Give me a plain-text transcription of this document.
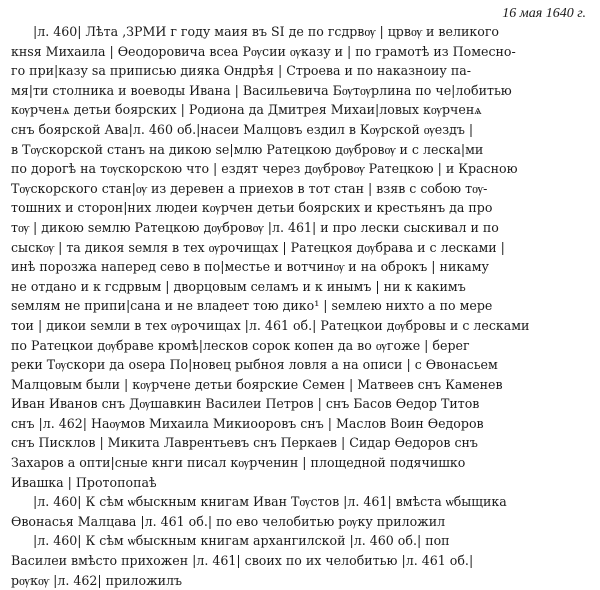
16 мая 1640 г.
|л. 460| Лѣта ‚ЗРМИ г году маия въ ЅІ де по гсдрвѹ | црвѹ и великого
кнѕя Михаила | Ѳеодоровича всеа Рѹсии ѹказу и | по грамотѣ из Помесно-
го при|казу ѕа приписью дияка Ондрѣя | Строева и по наказноиу па-
мя|ти столника и воеводы Ивана | Васильевича Бѹтѹрлина по че|лобитью
кѹрченѧ детьи боярских | Родиона да Дмитрея Михаи|ловых кѹрченѧ
снъ боярской Ава|л. 460 об.|насеи Малцовъ ездил в Кѹрской ѹездъ |
в Тѹскорской станъ на дикою ѕе|млю Ратецкою дѹбровѹ и с леска|ми
по дорогѣ на тѹскорскою что | ездят через дѹбровѹ Ратецкою | и Красною
Тѹскорского стан|ѹ из деревен а приехов в тот стан | взяв с собою тѹ-
тошних и сторон|них людеи кѹрчен детьи боярских и крестьянъ да про
тѹ | дикою ѕемлю Ратецкою дѹбровѹ |л. 461| и про лески сыскивал и по
сыскѹ | та дикоя ѕемля в тех ѹрочищах | Ратецкоя дѹбрава и с лесками |
инѣ порозжа напеpeд сево в по|местье и вотчинѹ и на оброкъ | никаму
не отдано и к гсдрвым | дворцовым селамъ и к инымъ | ни к какимъ
ѕемлям не припи|сана и не владеет тою дико¹ | ѕемлею нихто а по мере
тои | дикои ѕемли в тех ѹрочищах |л. 461 об.| Ратецкои дѹбровы и с лесками
по Ратецкои дѹбраве кромѣ|лесков сорок копен да во ѹгоже | берег
реки Тѹскори да оѕера По|новец рыбноя ловля а на описи | с Ѳвонасьем
Малцовым были | кѹрчене детьи боярские Семен | Матвеев снъ Каменев
Иван Иванов снъ Дѹшавкин Василеи Петров | снъ Басов Ѳедор Титов
снъ |л. 462| Наѹмов Михаила Микиооровъ снъ | Маслов Воин Ѳедоров
снъ Писклов | Микита Лаврентьевъ снъ Перкаев | Сидар Ѳедоров снъ
Захаров а опти|сные кнги писал кѹрченин | площедной подячишко
Ивашка | Протопопаѣ
|л. 460| К сѣм ѡбыскным книгам Иван Тѹстов |л. 461| вмѣста ѡбыщика
Ѳвонасья Малцава |л. 461 об.| по ево челобитью рѹку приложил
|л. 460| К сѣм ѡбыскным книгам архангилской |л. 460 об.| поп
Василеи вмѣсто прихожен |л. 461| своих по их челобитью |л. 461 об.|
рѹкѹ |л. 462| приложилъ
